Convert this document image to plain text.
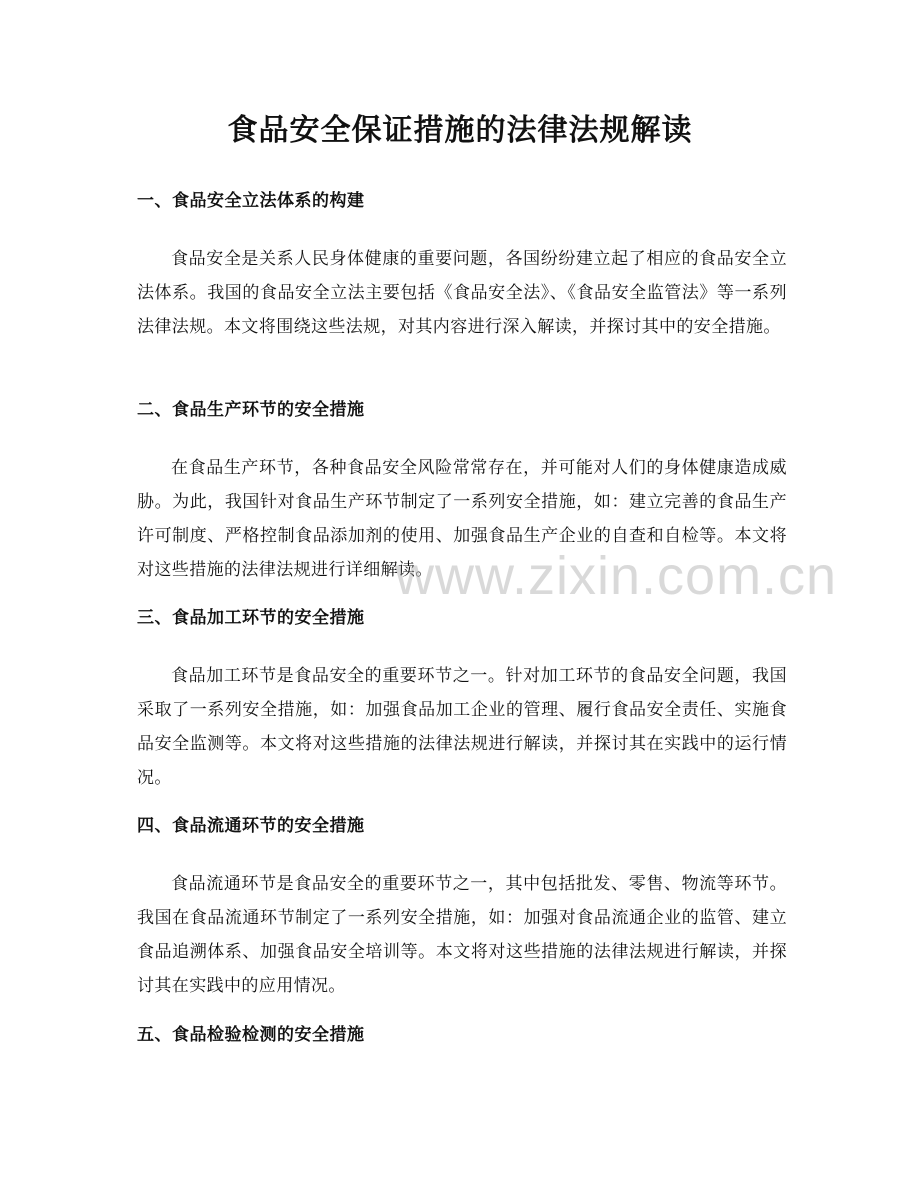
食品安全保证措施的法律法规解读
一、食品安全立法体系的构建

食品安全是关系人民身体健康的重要问题，各国纷纷建立起了相应的食品安全立法体系。我国的食品安全立法主要包括《食品安全法》、《食品安全监管法》等一系列法律法规。本文将围绕这些法规，对其内容进行深入解读，并探讨其中的安全措施。

二、食品生产环节的安全措施

在食品生产环节，各种食品安全风险常常存在，并可能对人们的身体健康造成威胁。为此，我国针对食品生产环节制定了一系列安全措施，如：建立完善的食品生产许可制度、严格控制食品添加剂的使用、加强食品生产企业的自查和自检等。本文将对这些措施的法律法规进行详细解读。

三、食品加工环节的安全措施

食品加工环节是食品安全的重要环节之一。针对加工环节的食品安全问题，我国采取了一系列安全措施，如：加强食品加工企业的管理、履行食品安全责任、实施食品安全监测等。本文将对这些措施的法律法规进行解读，并探讨其在实践中的运行情况。

四、食品流通环节的安全措施

食品流通环节是食品安全的重要环节之一，其中包括批发、零售、物流等环节。我国在食品流通环节制定了一系列安全措施，如：加强对食品流通企业的监管、建立食品追溯体系、加强食品安全培训等。本文将对这些措施的法律法规进行解读，并探讨其在实践中的应用情况。

五、食品检验检测的安全措施
www.zixin.com.cn
